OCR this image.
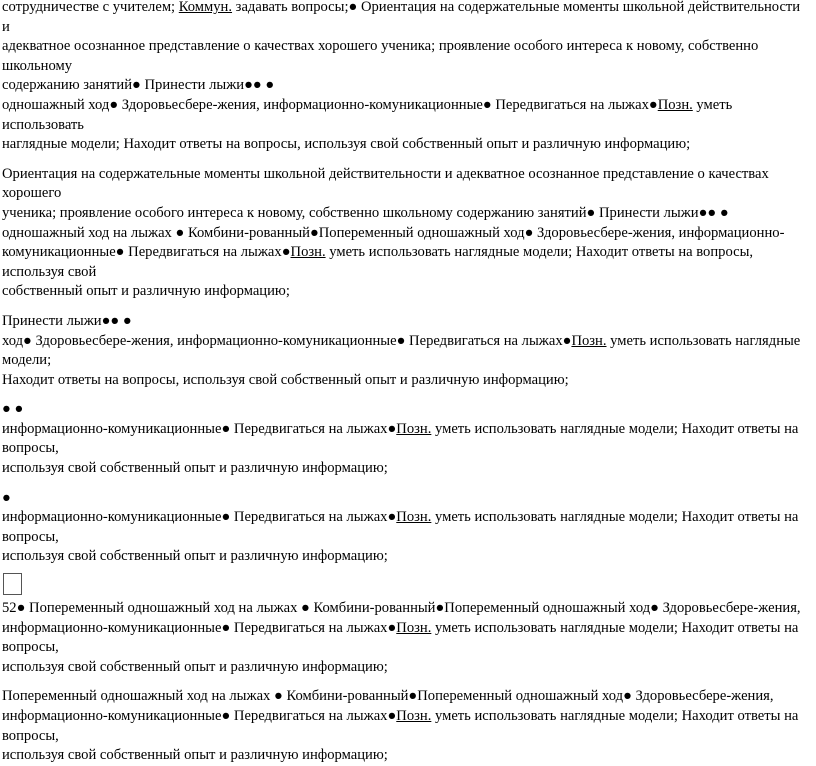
сотрудничестве с учителем; Коммун. задавать вопросы;● Ориентация на содержательные моменты школьной действительности и
адекватное осознанное представление о качествах хорошего ученика; проявление особого интереса к новому, собственно школьному
содержанию занятий● Принести лыжи●● ●
одношажный ход● Здоровьесбере-жения, информационно-комуникационные● Передвигаться на лыжах●Позн. уметь использовать
наглядные модели; Находит ответы на вопросы, используя свой собственный опыт и различную информацию;
Ориентация на содержательные моменты школьной действительности и адекватное осознанное представление о качествах хорошего
ученика; проявление особого интереса к новому, собственно школьному содержанию занятий● Принести лыжи●● ●
одношажный ход на лыжах ● Комбини-рованный●Попеременный одношажный ход● Здоровьесбере-жения, информационно-
комуникационные● Передвигаться на лыжах●Позн. уметь использовать наглядные модели; Находит ответы на вопросы, используя свой
собственный опыт и различную информацию;
Принести лыжи●● ●
ход● Здоровьесбере-жения, информационно-комуникационные● Передвигаться на лыжах●Позн. уметь использовать наглядные модели;
Находит ответы на вопросы, используя свой собственный опыт и различную информацию;
● ●
информационно-комуникационные● Передвигаться на лыжах●Позн. уметь использовать наглядные модели; Находит ответы на вопросы,
используя свой собственный опыт и различную информацию;
●
информационно-комуникационные● Передвигаться на лыжах●Позн. уметь использовать наглядные модели; Находит ответы на вопросы,
используя свой собственный опыт и различную информацию;
52● Попеременный одношажный ход на лыжах ● Комбини-рованный●Попеременный одношажный ход● Здоровьесбере-жения,
информационно-комуникационные● Передвигаться на лыжах●Позн. уметь использовать наглядные модели; Находит ответы на вопросы,
используя свой собственный опыт и различную информацию;
Попеременный одношажный ход на лыжах ● Комбини-рованный●Попеременный одношажный ход● Здоровьесбере-жения,
информационно-комуникационные● Передвигаться на лыжах●Позн. уметь использовать наглядные модели; Находит ответы на вопросы,
используя свой собственный опыт и различную информацию;
